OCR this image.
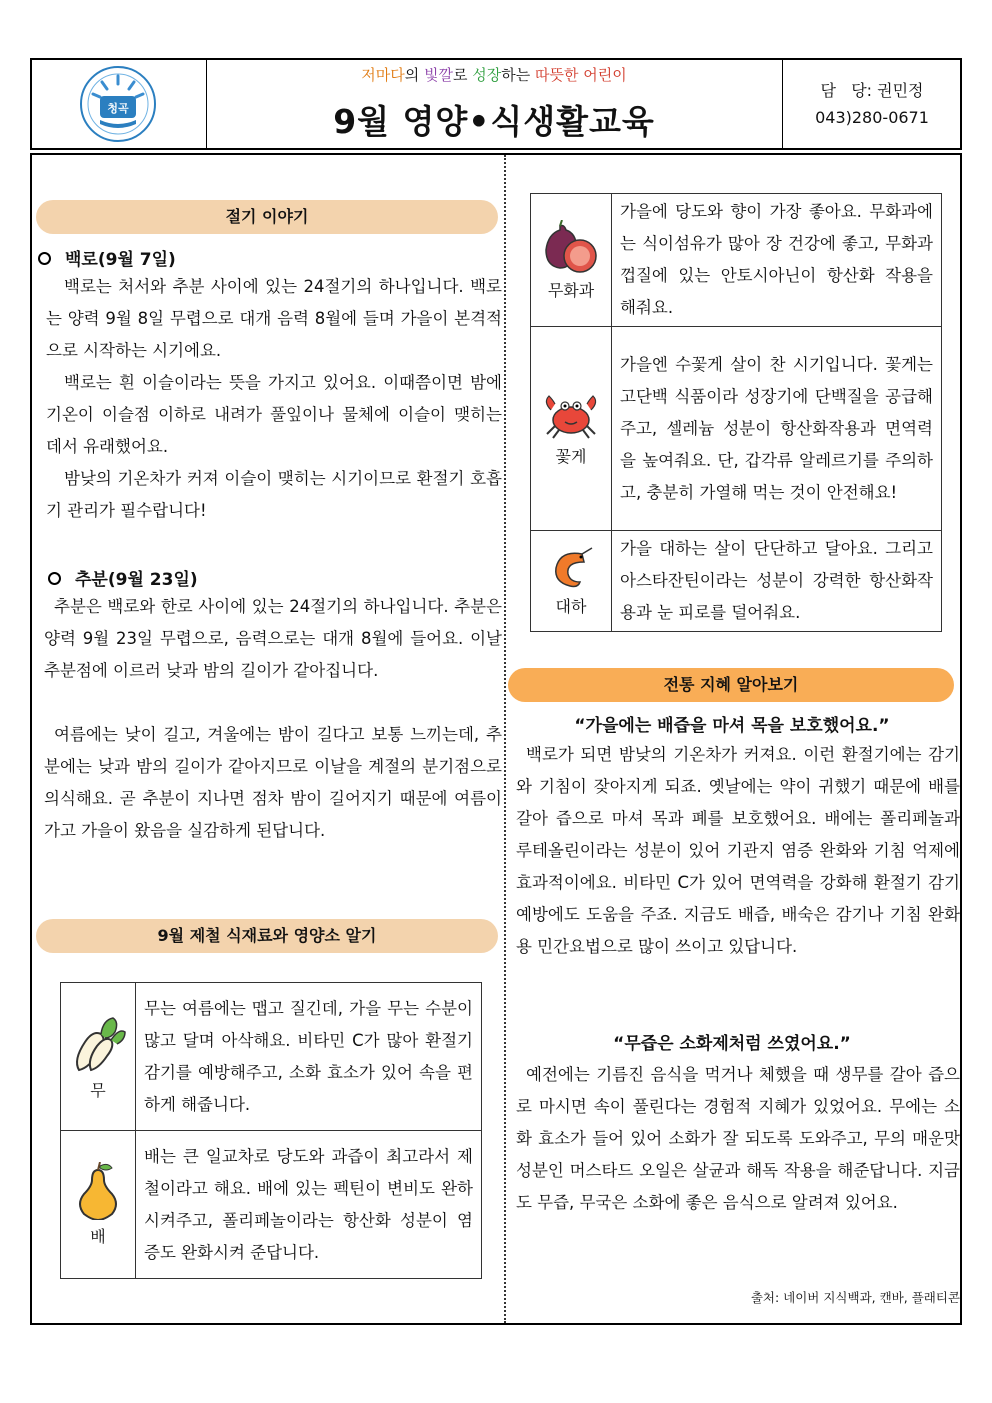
청곡
저마다의 빛깔로 성장하는 따뜻한 어린이
9월 영양•식생활교육
담   당: 권민정
043)280-0671
절기 이야기
백로(9월 7일)
백로는 처서와 추분 사이에 있는 24절기의 하나입니다. 백로는 양력 9월 8일 무렵으로 대개 음력 8월에 들며 가을이 본격적으로 시작하는 시기에요.
백로는 흰 이슬이라는 뜻을 가지고 있어요. 이때쯤이면 밤에 기온이 이슬점 이하로 내려가 풀잎이나 물체에 이슬이 맺히는 데서 유래했어요.
밤낮의 기온차가 커져 이슬이 맺히는 시기이므로 환절기 호흡기 관리가 필수랍니다!
추분(9월 23일)
추분은 백로와 한로 사이에 있는 24절기의 하나입니다. 추분은 양력 9월 23일 무렵으로, 음력으로는 대개 8월에 들어요. 이날 추분점에 이르러 낮과 밤의 길이가 같아집니다.
여름에는 낮이 길고, 겨울에는 밤이 길다고 보통 느끼는데, 추분에는 낮과 밤의 길이가 같아지므로 이날을 계절의 분기점으로 의식해요. 곧 추분이 지나면 점차 밤이 길어지기 때문에 여름이 가고 가을이 왔음을 실감하게 된답니다.
9월 제철 식재료와 영양소 알기
무	무는 여름에는 맵고 질긴데, 가을 무는 수분이 많고 달며 아삭해요. 비타민 C가 많아 환절기 감기를 예방해주고, 소화 효소가 있어 속을 편하게 해줍니다.

배	배는 큰 일교차로 당도와 과즙이 최고라서 제철이라고 해요. 배에 있는 펙틴이 변비도 완하시켜주고, 폴리페놀이라는 항산화 성분이 염증도 완화시켜 준답니다.
무화과	가을에 당도와 향이 가장 좋아요. 무화과에는 식이섬유가 많아 장 건강에 좋고, 무화과 껍질에 있는 안토시아닌이 항산화 작용을 해줘요.

꽃게	가을엔 수꽃게 살이 찬 시기입니다. 꽃게는 고단백 식품이라 성장기에 단백질을 공급해주고, 셀레늄 성분이 항산화작용과 면역력을 높여줘요. 단, 갑각류 알레르기를 주의하고, 충분히 가열해 먹는 것이 안전해요!

대하	가을 대하는 살이 단단하고 달아요. 그리고 아스타잔틴이라는 성분이 강력한 항산화작용과 눈 피로를 덜어줘요.
전통 지혜 알아보기
“가을에는 배즙을 마셔 목을 보호했어요.”
백로가 되면 밤낮의 기온차가 커져요. 이런 환절기에는 감기와 기침이 잦아지게 되죠. 옛날에는 약이 귀했기 때문에 배를 갈아 즙으로 마셔 목과 폐를 보호했어요. 배에는 폴리페놀과 루테올린이라는 성분이 있어 기관지 염증 완화와 기침 억제에 효과적이에요. 비타민 C가 있어 면역력을 강화해 환절기 감기 예방에도 도움을 주죠. 지금도 배즙, 배숙은 감기나 기침 완화용 민간요법으로 많이 쓰이고 있답니다.
“무즙은 소화제처럼 쓰였어요.”
예전에는 기름진 음식을 먹거나 체했을 때 생무를 갈아 즙으로 마시면 속이 풀린다는 경험적 지혜가 있었어요. 무에는 소화 효소가 들어 있어 소화가 잘 되도록 도와주고, 무의 매운맛 성분인 머스타드 오일은 살균과 해독 작용을 해준답니다. 지금도 무즙, 무국은 소화에 좋은 음식으로 알려져 있어요.
출처: 네이버 지식백과, 캔바, 플래티콘
